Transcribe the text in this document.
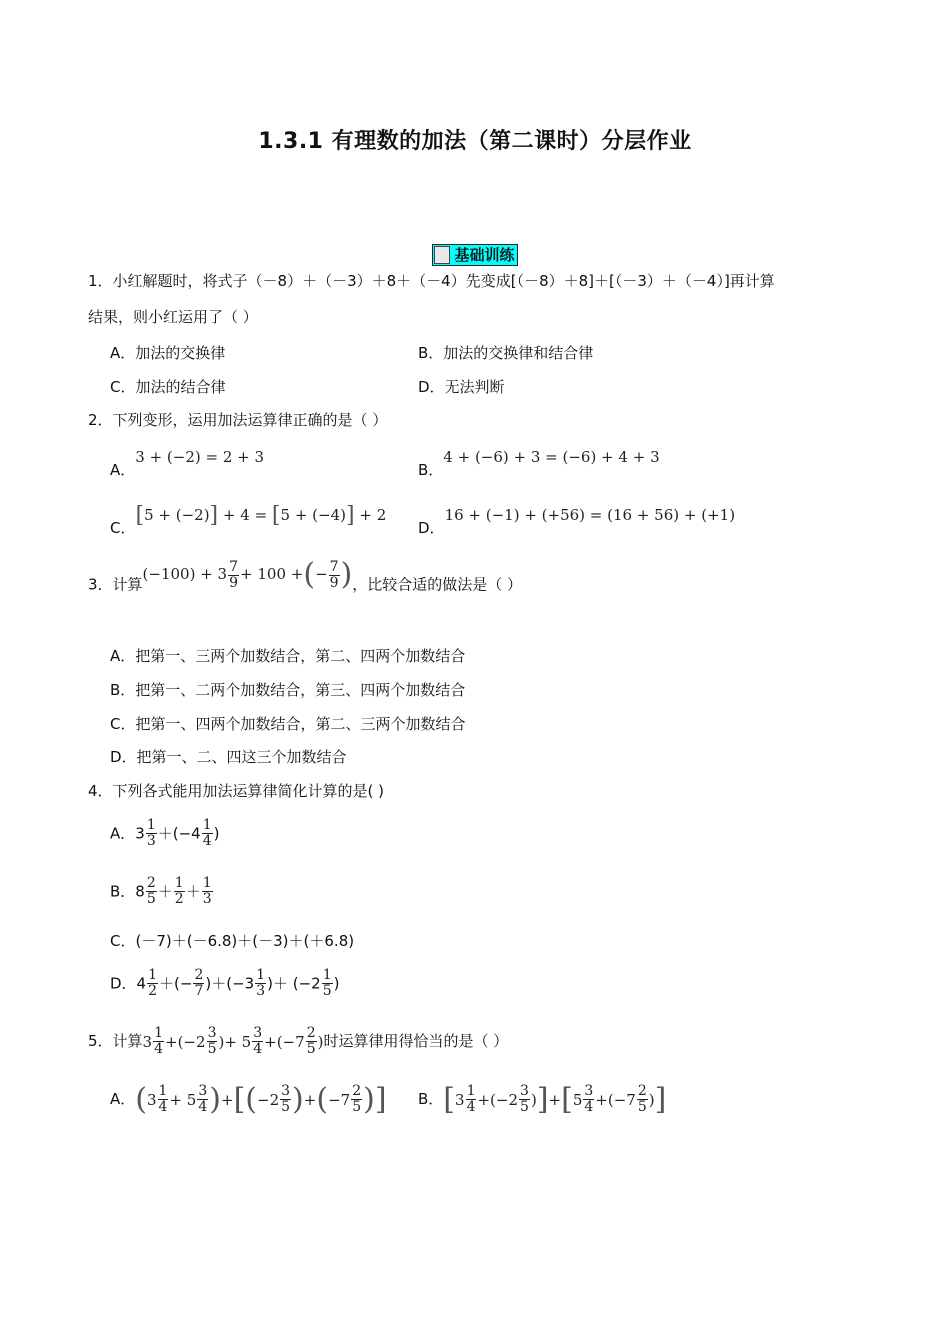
1.3.1 有理数的加法（第二课时）分层作业
基础训练
1．小红解题时，将式子（－8）＋（－3）＋8＋（－4）先变成[（－8）＋8]＋[（－3）＋（－4）]再计算
结果，则小红运用了（ ）
A．加法的交换律	B．加法的交换律和结合律
C．加法的结合律	D．无法判断
2．下列变形，运用加法运算律正确的是（ ）
A．3 + (−2) = 2 + 3
B．4 + (−6) + 3 = (−6) + 4 + 3
C．[5 + (−2)] + 4 = [5 + (−4)] + 2
D．16 + (−1) + (+56) = (16 + 56) + (+1)
3．计算$(-100) + 3 \frac{7}{9} + 100$ +(− $\frac{7}{9}$ )，比较合适的做法是（ ）
A．把第一、三两个加数结合，第二、四两个加数结合
B．把第一、二两个加数结合，第三、四两个加数结合
C．把第一、四两个加数结合，第二、三两个加数结合
D．把第一、二、四这三个加数结合
4．下列各式能用加法运算律简化计算的是( )
A．$3 \frac{1}{3} +(-4 \frac{1}{4}$ )
B．$8 \frac{2}{5} + \frac{1}{2} + \frac{1}{3}$
C．(－7)＋(－6.8)＋(－3)＋(＋6.8)
D．$4 \frac{1}{2}$ ＋(− $\frac{2}{7} )+(-3 \frac{1}{3}$ )＋ ($-2 \frac{1}{5}$ )
5．计算$3 \frac{1}{4} +(-2 \frac{3}{5}$ )+ $5 \frac{3}{4} +(-7 \frac{2}{5}$ )时运算律用得恰当的是（ ）
A．$(3 \frac{1}{4} + 5 \frac{3}{4} )+[(-2 \frac{3}{5} )+(-7 \frac{2}{5}$ )] B．$[3 \frac{1}{4} +(-2 \frac{3}{5} )]+[5 \frac{3}{4} +(-7 \frac{2}{5}$ )]
